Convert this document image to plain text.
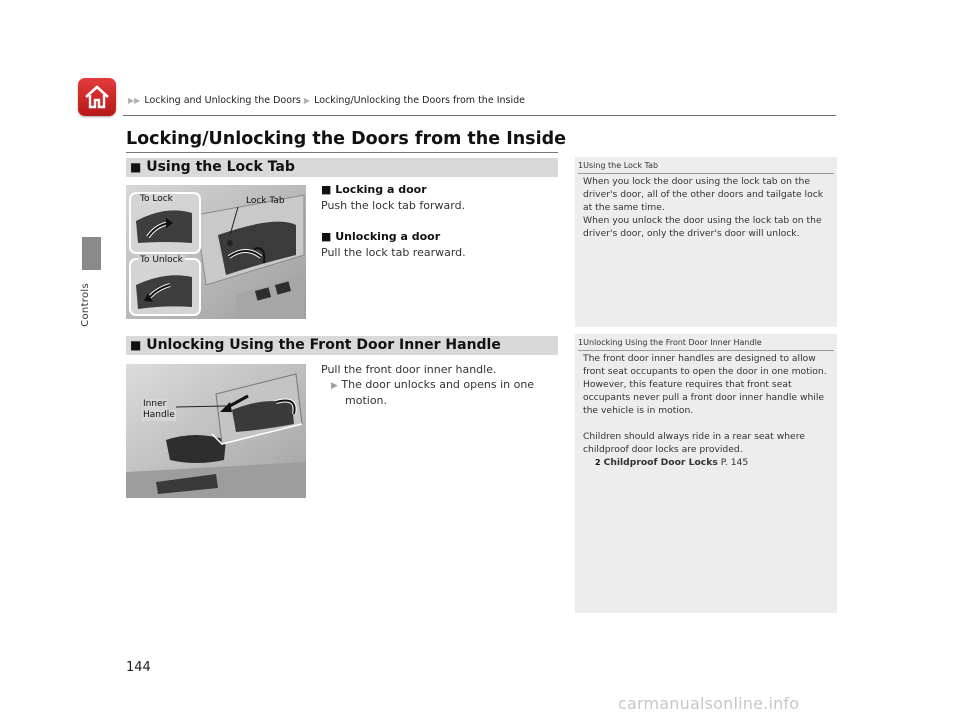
▶▶ Locking and Unlocking the Doors ▶ Locking/Unlocking the Doors from the Inside
Controls
Locking/Unlocking the Doors from the Inside
■ Using the Lock Tab
To Lock	Lock Tab
To Unlock
■ Locking a door
Push the lock tab forward.
■ Unlocking a door
Pull the lock tab rearward.
■ Unlocking Using the Front Door Inner Handle
Inner
Handle
Pull the front door inner handle.
▶ The door unlocks and opens in one
motion.
1Using the Lock Tab
When you lock the door using the lock tab on the
driver's door, all of the other doors and tailgate lock
at the same time.
When you unlock the door using the lock tab on the
driver's door, only the driver's door will unlock.
1Unlocking Using the Front Door Inner Handle
The front door inner handles are designed to allow
front seat occupants to open the door in one motion.
However, this feature requires that front seat
occupants never pull a front door inner handle while
the vehicle is in motion.
Children should always ride in a rear seat where
childproof door locks are provided.
2 Childproof Door Locks P. 145
144
carmanualsonline.info
